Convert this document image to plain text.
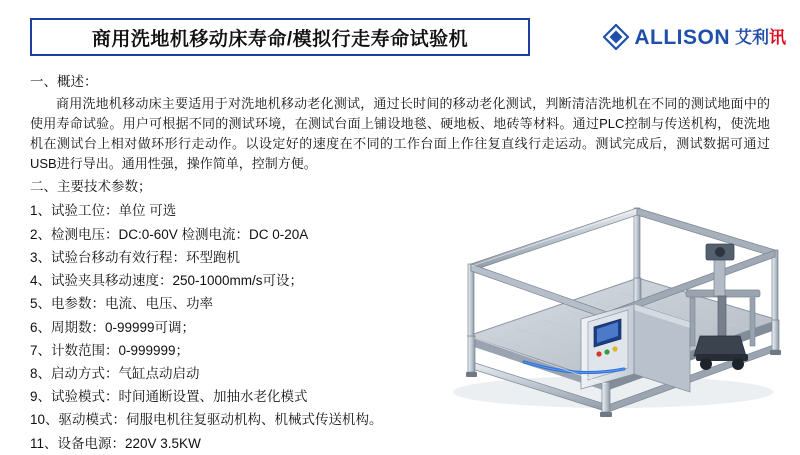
商用洗地机移动床寿命/模拟行走寿命试验机	ALLISON 艾利讯

一、概述：

商用洗地机移动床主要适用于对洗地机移动老化测试，通过长时间的移动老化测试，判断清洁洗地机在不同的测试地面中的使用寿命试验。用户可根据不同的测试环境，在测试台面上铺设地毯、硬地板、地砖等材料。通过PLC控制与传送机构，使洗地机在测试台上相对做环形行走动作。以设定好的速度在不同的工作台面上作往复直线行走运动。测试完成后，测试数据可通过USB进行导出。通用性强，操作简单，控制方便。

二、主要技术参数；

1、试验工位：单位 可选
2、检测电压：DC:0-60V 检测电流：DC 0-20A
3、试验台移动有效行程：环型跑机
4、试验夹具移动速度：250-1000mm/s可设；
5、电参数：电流、电压、功率
6、周期数：0-99999可调；
7、计数范围：0-999999；
8、启动方式：气缸点动启动
9、试验模式：时间通断设置、加抽水老化模式
10、驱动模式：伺服电机往复驱动机构、机械式传送机构。
11、设备电源：220V 3.5KW
